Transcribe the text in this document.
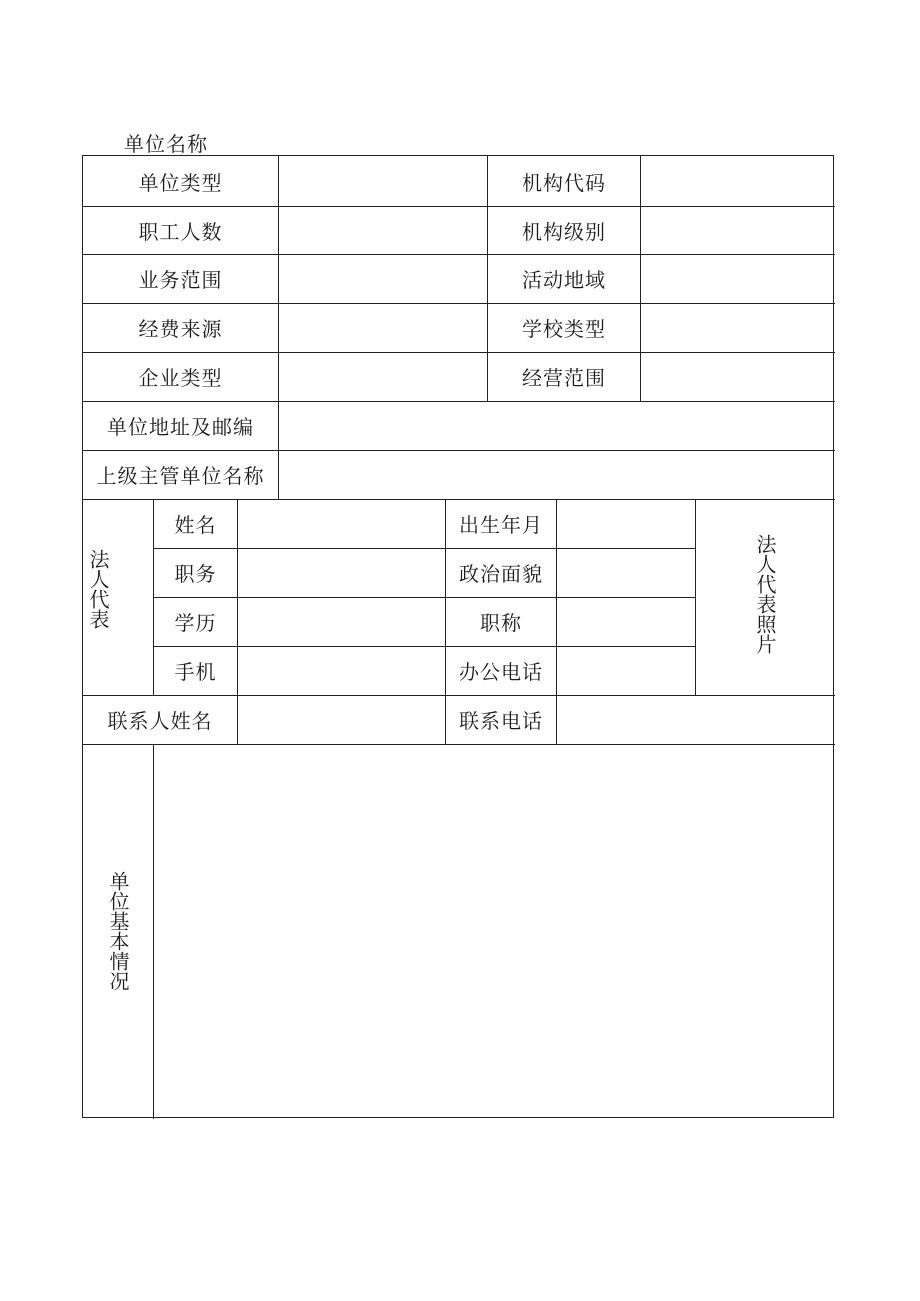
单位名称
单位类型	机构代码
职工人数	机构级别
业务范围	活动地域
经费来源	学校类型
企业类型	经营范围
单位地址及邮编
上级主管单位名称
法人代表
姓名	出生年月
职务	政治面貌
学历	职称
手机	办公电话
法人代表照片
联系人姓名	联系电话
单位基本情况
